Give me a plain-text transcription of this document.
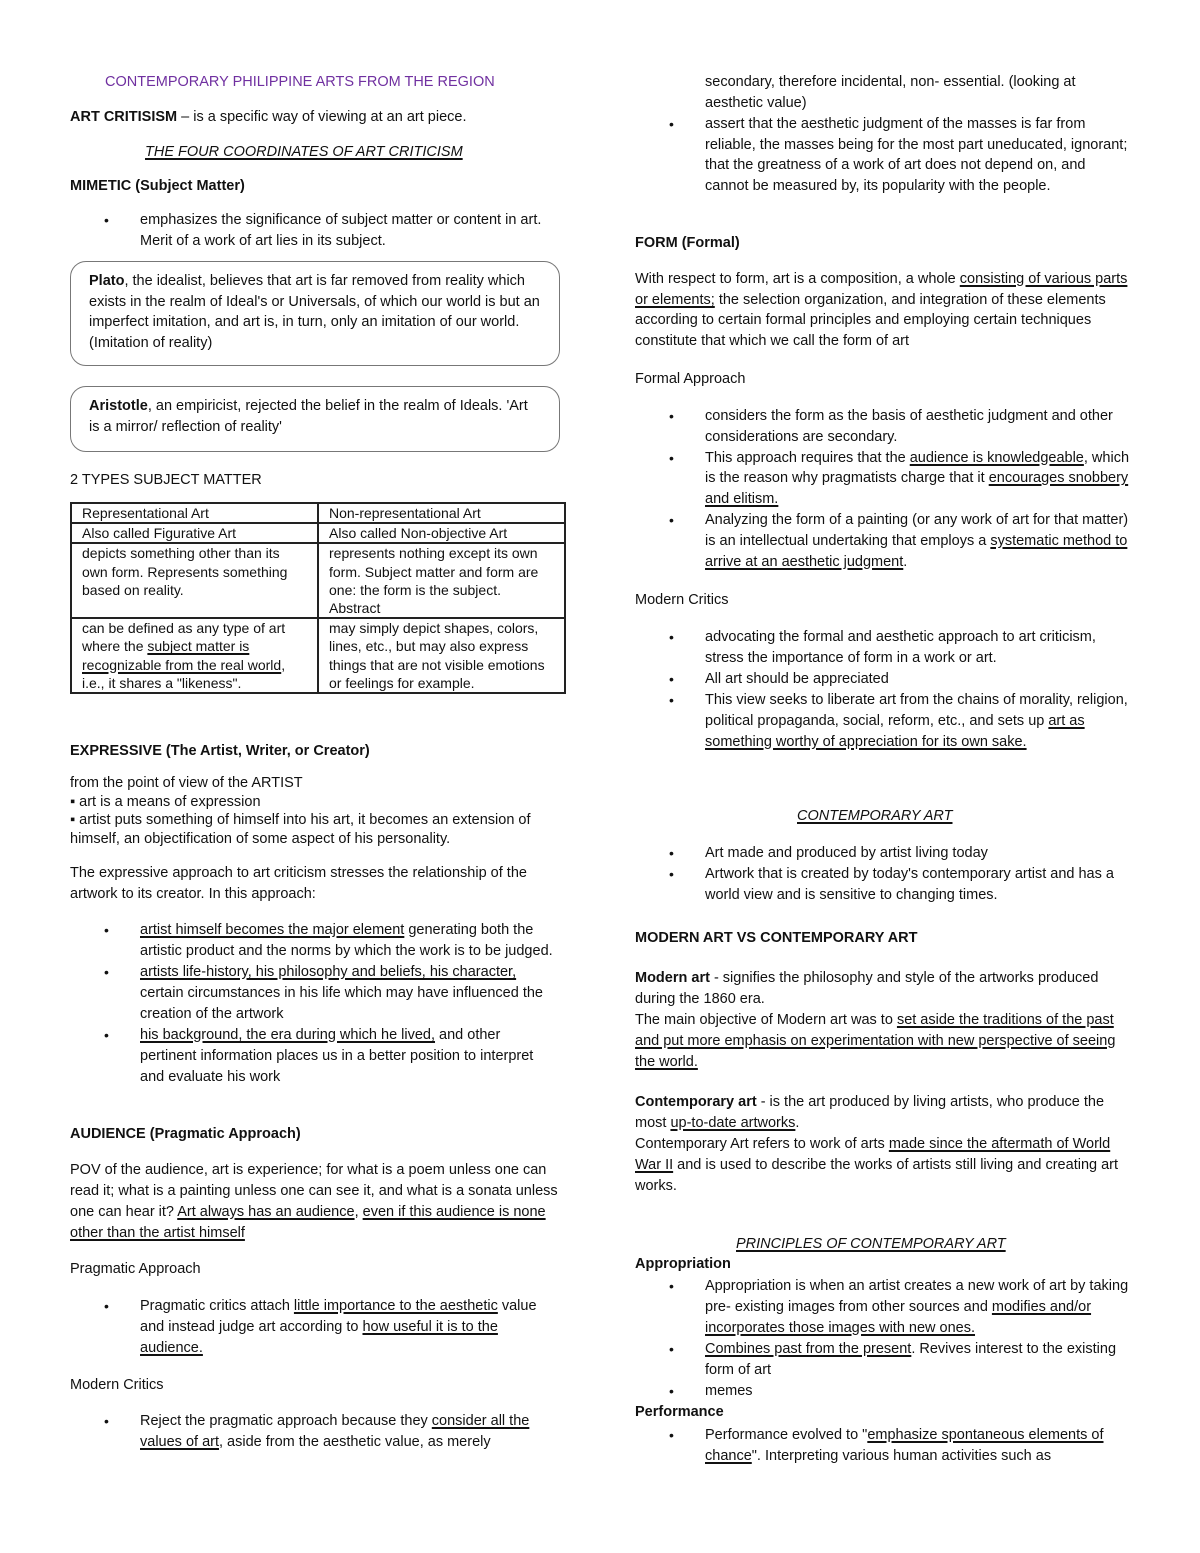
CONTEMPORARY PHILIPPINE ARTS FROM THE REGION

ART CRITISISM – is a specific way of viewing at an art piece.

THE FOUR COORDINATES OF ART CRITICISM

MIMETIC (Subject Matter)

• emphasizes the significance of subject matter or content in art. Merit of a work of art lies in its subject.

Plato, the idealist, believes that art is far removed from reality which exists in the realm of Ideal's or Universals, of which our world is but an imperfect imitation, and art is, in turn, only an imitation of our world. (Imitation of reality)

Aristotle, an empiricist, rejected the belief in the realm of Ideals. 'Art is a mirror/ reflection of reality'

2 TYPES SUBJECT MATTER

Representational Art	Non-representational Art
Also called Figurative Art	Also called Non-objective Art
depicts something other than its own form. Represents something based on reality.	represents nothing except its own form. Subject matter and form are one: the form is the subject. Abstract
can be defined as any type of art where the subject matter is recognizable from the real world, i.e., it shares a "likeness".	may simply depict shapes, colors, lines, etc., but may also express things that are not visible emotions or feelings for example.

EXPRESSIVE (The Artist, Writer, or Creator)

from the point of view of the ARTIST

▪ art is a means of expression

▪ artist puts something of himself into his art, it becomes an extension of himself, an objectification of some aspect of his personality.

The expressive approach to art criticism stresses the relationship of the artwork to its creator. In this approach:

• artist himself becomes the major element generating both the artistic product and the norms by which the work is to be judged.
• artists life-history, his philosophy and beliefs, his character, certain circumstances in his life which may have influenced the creation of the artwork
• his background, the era during which he lived, and other pertinent information places us in a better position to interpret and evaluate his work

AUDIENCE (Pragmatic Approach)

POV of the audience, art is experience; for what is a poem unless one can read it; what is a painting unless one can see it, and what is a sonata unless one can hear it? Art always has an audience, even if this audience is none other than the artist himself

Pragmatic Approach

• Pragmatic critics attach little importance to the aesthetic value and instead judge art according to how useful it is to the audience.

Modern Critics

• Reject the pragmatic approach because they consider all the values of art, aside from the aesthetic value, as merely

secondary, therefore incidental, non- essential. (looking at aesthetic value)

• assert that the aesthetic judgment of the masses is far from reliable, the masses being for the most part uneducated, ignorant; that the greatness of a work of art does not depend on, and cannot be measured by, its popularity with the people.

FORM (Formal)

With respect to form, art is a composition, a whole consisting of various parts or elements; the selection organization, and integration of these elements according to certain formal principles and employing certain techniques constitute that which we call the form of art

Formal Approach

• considers the form as the basis of aesthetic judgment and other considerations are secondary.
• This approach requires that the audience is knowledgeable, which is the reason why pragmatists charge that it encourages snobbery and elitism.
• Analyzing the form of a painting (or any work of art for that matter) is an intellectual undertaking that employs a systematic method to arrive at an aesthetic judgment.

Modern Critics

• advocating the formal and aesthetic approach to art criticism, stress the importance of form in a work or art.
• All art should be appreciated
• This view seeks to liberate art from the chains of morality, religion, political propaganda, social, reform, etc., and sets up art as something worthy of appreciation for its own sake.

CONTEMPORARY ART

• Art made and produced by artist living today
• Artwork that is created by today's contemporary artist and has a world view and is sensitive to changing times.

MODERN ART VS CONTEMPORARY ART

Modern art - signifies the philosophy and style of the artworks produced during the 1860 era.

The main objective of Modern art was to set aside the traditions of the past and put more emphasis on experimentation with new perspective of seeing the world.

Contemporary art - is the art produced by living artists, who produce the most up-to-date artworks.

Contemporary Art refers to work of arts made since the aftermath of World War II and is used to describe the works of artists still living and creating art works.

PRINCIPLES OF CONTEMPORARY ART

Appropriation

• Appropriation is when an artist creates a new work of art by taking pre- existing images from other sources and modifies and/or incorporates those images with new ones.
• Combines past from the present. Revives interest to the existing form of art
• memes

Performance

• Performance evolved to "emphasize spontaneous elements of chance". Interpreting various human activities such as
